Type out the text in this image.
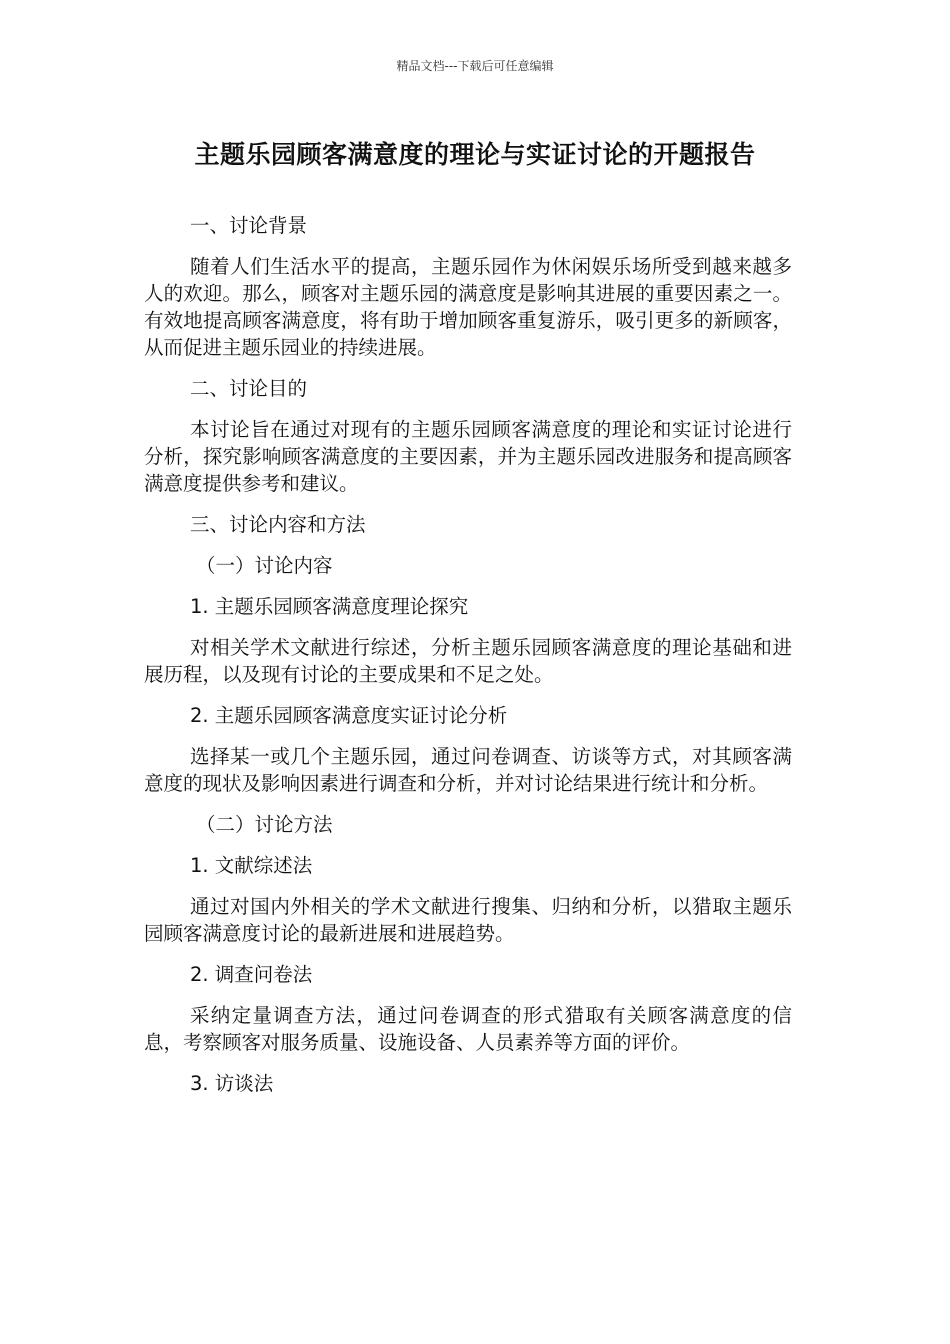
精品文档---下载后可任意编辑
主题乐园顾客满意度的理论与实证讨论的开题报告

一、讨论背景

随着人们生活水平的提高，主题乐园作为休闲娱乐场所受到越来越多人的欢迎。那么，顾客对主题乐园的满意度是影响其进展的重要因素之一。有效地提高顾客满意度，将有助于增加顾客重复游乐，吸引更多的新顾客，从而促进主题乐园业的持续进展。

二、讨论目的

本讨论旨在通过对现有的主题乐园顾客满意度的理论和实证讨论进行分析，探究影响顾客满意度的主要因素，并为主题乐园改进服务和提高顾客满意度提供参考和建议。

三、讨论内容和方法

（一）讨论内容

1. 主题乐园顾客满意度理论探究

对相关学术文献进行综述，分析主题乐园顾客满意度的理论基础和进展历程，以及现有讨论的主要成果和不足之处。

2. 主题乐园顾客满意度实证讨论分析

选择某一或几个主题乐园，通过问卷调查、访谈等方式，对其顾客满意度的现状及影响因素进行调查和分析，并对讨论结果进行统计和分析。

（二）讨论方法

1. 文献综述法

通过对国内外相关的学术文献进行搜集、归纳和分析，以猎取主题乐园顾客满意度讨论的最新进展和进展趋势。

2. 调查问卷法

采纳定量调查方法，通过问卷调查的形式猎取有关顾客满意度的信息，考察顾客对服务质量、设施设备、人员素养等方面的评价。

3. 访谈法
